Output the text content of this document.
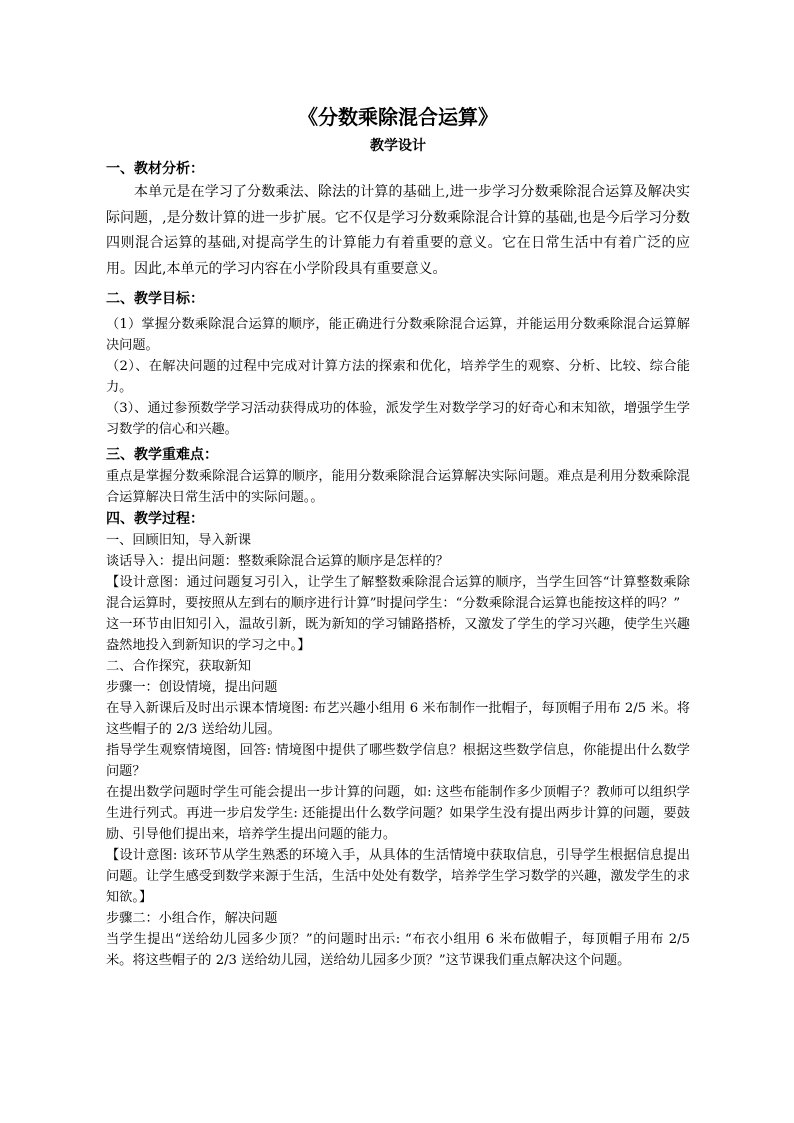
《分数乘除混合运算》

教学设计

一、教材分析：

本单元是在学习了分数乘法、除法的计算的基础上,进一步学习分数乘除混合运算及解决实际问题，,是分数计算的进一步扩展。它不仅是学习分数乘除混合计算的基础,也是今后学习分数四则混合运算的基础,对提高学生的计算能力有着重要的意义。它在日常生活中有着广泛的应用。因此,本单元的学习内容在小学阶段具有重要意义。

二、教学目标：

（1）掌握分数乘除混合运算的顺序，能正确进行分数乘除混合运算，并能运用分数乘除混合运算解决问题。

（2）、在解决问题的过程中完成对计算方法的探索和优化，培养学生的观察、分析、比较、综合能力。

（3）、通过参预数学学习活动获得成功的体验，派发学生对数学学习的好奇心和末知欲，增强学生学习数学的信心和兴趣。

三、教学重难点：

重点是掌握分数乘除混合运算的顺序，能用分数乘除混合运算解决实际问题。难点是利用分数乘除混合运算解决日常生活中的实际问题。。

四、教学过程：

一、回顾旧知，导入新课

谈话导入：提出问题：整数乘除混合运算的顺序是怎样的？

【设计意图：通过问题复习引入，让学生了解整数乘除混合运算的顺序，当学生回答“计算整数乘除混合运算时，要按照从左到右的顺序进行计算”时提问学生：“分数乘除混合运算也能按这样的吗？”

这一环节由旧知引入，温故引新，既为新知的学习铺路搭桥，又激发了学生的学习兴趣，使学生兴趣盎然地投入到新知识的学习之中。】

二、合作探究，获取新知

步骤一：创设情境，提出问题

在导入新课后及时出示课本情境图: 布艺兴趣小组用 6 米布制作一批帽子，每顶帽子用布 2/5 米。将这些帽子的 2/3 送给幼儿园。

指导学生观察情境图，回答: 情境图中提供了哪些数学信息？根据这些数学信息，你能提出什么数学问题？

在提出数学问题时学生可能会提出一步计算的问题，如: 这些布能制作多少顶帽子？教师可以组织学生进行列式。再进一步启发学生: 还能提出什么数学问题？如果学生没有提出两步计算的问题，要鼓励、引导他们提出来，培养学生提出问题的能力。

【设计意图: 该环节从学生熟悉的环境入手，从具体的生活情境中获取信息，引导学生根据信息提出问题。让学生感受到数学来源于生活，生活中处处有数学，培养学生学习数学的兴趣，激发学生的求知欲。】

步骤二：小组合作，解决问题

当学生提出“送给幼儿园多少顶？”的问题时出示: “布衣小组用 6 米布做帽子，每顶帽子用布 2/5 米。将这些帽子的 2/3 送给幼儿园，送给幼儿园多少顶？”这节课我们重点解决这个问题。
